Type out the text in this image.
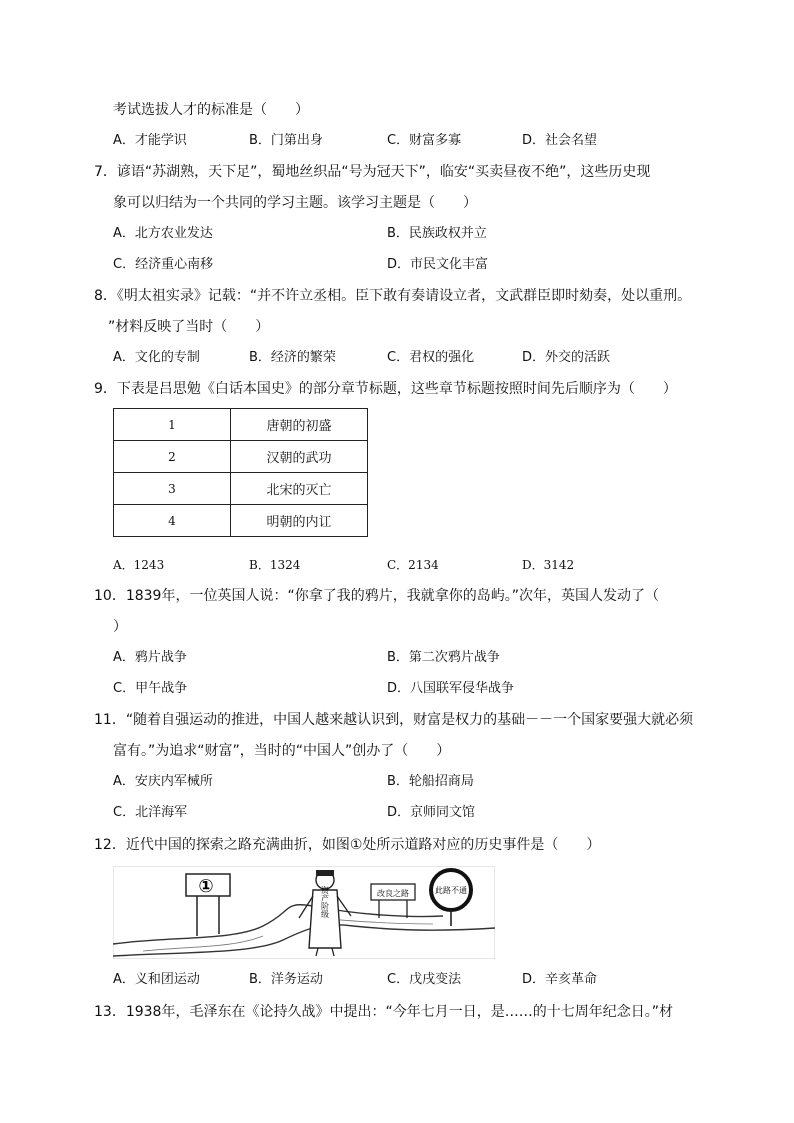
考试选拔人才的标准是（　　）
A．才能学识	B．门第出身	C．财富多寡	D．社会名望
7．谚语“苏湖熟，天下足”，蜀地丝织品“号为冠天下”，临安“买卖昼夜不绝”，这些历史现
象可以归结为一个共同的学习主题。该学习主题是（　　）
A．北方农业发达	B．民族政权并立
C．经济重心南移	D．市民文化丰富
8．《明太祖实录》记载：“并不许立丞相。臣下敢有奏请设立者，文武群臣即时劾奏，处以重刑。
”材料反映了当时（　　）
A．文化的专制	B．经济的繁荣	C．君权的强化	D．外交的活跃
9．下表是吕思勉《白话本国史》的部分章节标题，这些章节标题按照时间先后顺序为（　　）
1	唐朝的初盛
2	汉朝的武功
3	北宋的灭亡
4	明朝的内讧
A．1243	B．1324	C．2134	D．3142
10．1839年，一位英国人说：“你拿了我的鸦片，我就拿你的岛屿。”次年，英国人发动了（
）
A．鸦片战争	B．第二次鸦片战争
C．甲午战争	D．八国联军侵华战争
11．“随着自强运动的推进，中国人越来越认识到，财富是权力的基础－－一个国家要强大就必须
富有。”为追求“财富”，当时的“中国人”创办了（　　）
A．安庆内军械所	B．轮船招商局
C．北洋海军	D．京师同文馆
12．近代中国的探索之路充满曲折，如图①处所示道路对应的历史事件是（　　）
①	资产阶级	改良之路	此路不通
A．义和团运动	B．洋务运动	C．戊戌变法	D．辛亥革命
13．1938年，毛泽东在《论持久战》中提出：“今年七月一日，是……的十七周年纪念日。”材
